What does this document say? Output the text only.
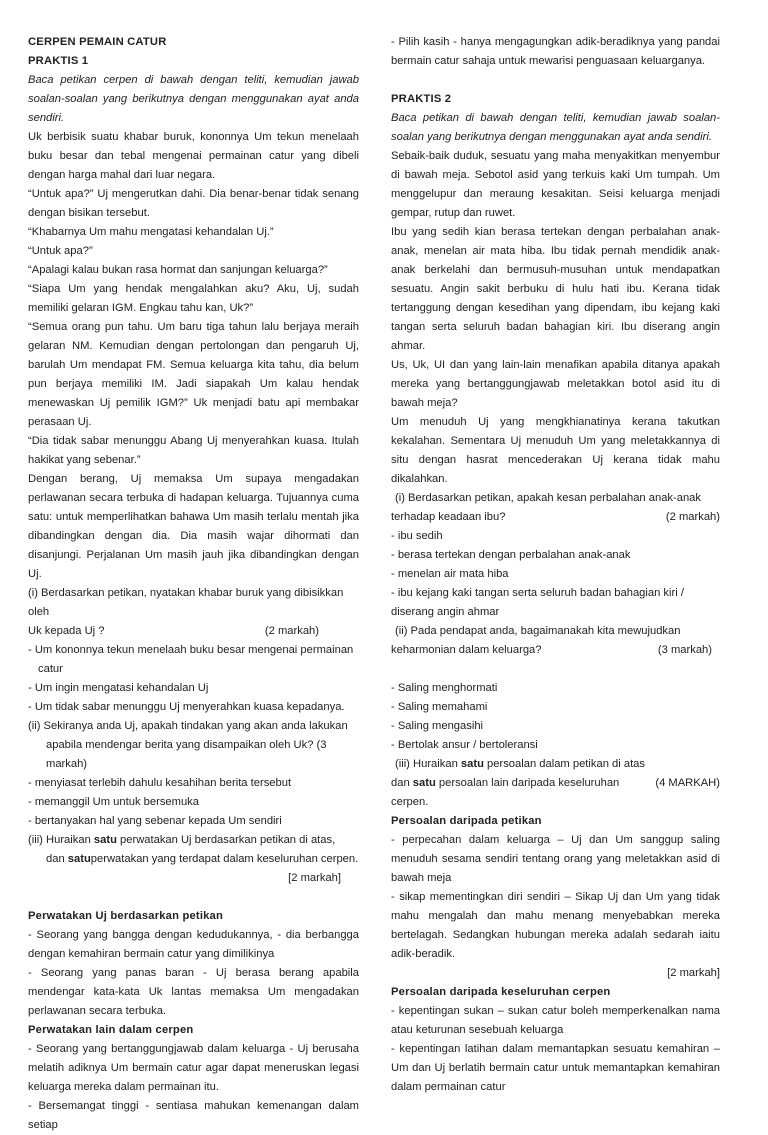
CERPEN PEMAIN CATUR
PRAKTIS 1
Baca petikan cerpen di bawah dengan teliti, kemudian jawab soalan-soalan yang berikutnya dengan menggunakan ayat anda sendiri.
Uk berbisik suatu khabar buruk, kononnya Um tekun menelaah buku besar dan tebal mengenai permainan catur yang dibeli dengan harga mahal dari luar negara.
“Untuk apa?” Uj mengerutkan dahi. Dia benar-benar tidak senang dengan bisikan tersebut.
“Khabarnya Um mahu mengatasi kehandalan Uj.”
“Untuk apa?”
“Apalagi kalau bukan rasa hormat dan sanjungan keluarga?”
“Siapa Um yang hendak mengalahkan aku? Aku, Uj, sudah memiliki gelaran IGM. Engkau tahu kan, Uk?”
“Semua orang pun tahu. Um baru tiga tahun lalu berjaya meraih gelaran NM. Kemudian dengan pertolongan dan pengaruh Uj, barulah Um mendapat FM. Semua keluarga kita tahu, dia belum pun berjaya memiliki IM. Jadi siapakah Um kalau hendak menewaskan Uj pemilik IGM?” Uk menjadi batu api membakar perasaan Uj.
“Dia tidak sabar menunggu Abang Uj menyerahkan kuasa. Itulah hakikat yang sebenar.”
Dengan berang, Uj memaksa Um supaya mengadakan perlawanan secara terbuka di hadapan keluarga. Tujuannya cuma satu: untuk memperlihatkan bahawa Um masih terlalu mentah jika dibandingkan dengan dia. Dia masih wajar dihormati dan disanjungi. Perjalanan Um masih jauh jika dibandingkan dengan Uj.
(i) Berdasarkan petikan, nyatakan khabar buruk yang dibisikkan oleh
Uk kepada Uj ?	(2 markah)
- Um kononnya tekun menelaah buku besar mengenai permainan
catur
- Um ingin mengatasi kehandalan Uj
- Um tidak sabar menunggu Uj menyerahkan kuasa kepadanya.
(ii) Sekiranya anda Uj, apakah tindakan yang akan anda lakukan
apabila mendengar berita yang disampaikan oleh Uk? (3 markah)
- menyiasat terlebih dahulu kesahihan berita tersebut
- memanggil Um untuk bersemuka
- bertanyakan hal yang sebenar kepada Um sendiri
(iii) Huraikan satu perwatakan Uj berdasarkan petikan di atas,
dan satuperwatakan yang terdapat dalam keseluruhan cerpen.
[2 markah]
Perwatakan Uj berdasarkan petikan
- Seorang yang bangga dengan kedudukannya, - dia berbangga dengan kemahiran bermain catur yang dimilikinya
- Seorang yang panas baran - Uj berasa berang apabila mendengar kata-kata Uk lantas memaksa Um mengadakan perlawanan secara terbuka.
Perwatakan lain dalam cerpen
- Seorang yang bertanggungjawab dalam keluarga - Uj berusaha melatih adiknya Um bermain catur agar dapat meneruskan legasi keluarga mereka dalam permainan itu.
- Bersemangat tinggi - sentiasa mahukan kemenangan dalam setiap
- Pilih kasih - hanya mengagungkan adik-beradiknya yang pandai bermain catur sahaja untuk mewarisi penguasaan keluarganya.
PRAKTIS 2
Baca petikan di bawah dengan teliti, kemudian jawab soalan-soalan yang berikutnya dengan menggunakan ayat anda sendiri.
Sebaik-baik duduk, sesuatu yang maha menyakitkan menyembur di bawah meja. Sebotol asid yang terkuis kaki Um tumpah. Um menggelupur dan meraung kesakitan. Seisi keluarga menjadi gempar, rutup dan ruwet.
Ibu yang sedih kian berasa tertekan dengan perbalahan anak-anak, menelan air mata hiba. Ibu tidak pernah mendidik anak-anak berkelahi dan bermusuh-musuhan untuk mendapatkan sesuatu. Angin sakit berbuku di hulu hati ibu. Kerana tidak tertanggung dengan kesedihan yang dipendam, ibu kejang kaki tangan serta seluruh badan bahagian kiri. Ibu diserang angin ahmar.
Us, Uk, UI dan yang lain-lain menafikan apabila ditanya apakah mereka yang bertanggungjawab meletakkan botol asid itu di bawah meja?
Um menuduh Uj yang mengkhianatinya kerana takutkan kekalahan. Sementara Uj menuduh Um yang meletakkannya di situ dengan hasrat mencederakan Uj kerana tidak mahu dikalahkan.
(i) Berdasarkan petikan, apakah kesan perbalahan anak-anak
terhadap keadaan ibu?	(2 markah)
- ibu sedih
- berasa tertekan dengan perbalahan anak-anak
- menelan air mata hiba
- ibu kejang kaki tangan serta seluruh badan bahagian kiri / diserang angin ahmar
(ii) Pada pendapat anda, bagaimanakah kita mewujudkan
keharmonian dalam keluarga?	(3 markah)
- Saling menghormati
- Saling memahami
- Saling mengasihi
- Bertolak ansur / bertoleransi
(iii) Huraikan satu persoalan dalam petikan di atas
dan satu persoalan lain daripada keseluruhan cerpen.
(4 MARKAH)
Persoalan daripada petikan
- perpecahan dalam keluarga – Uj dan Um sanggup saling menuduh sesama sendiri tentang orang yang meletakkan asid di bawah meja
- sikap mementingkan diri sendiri – Sikap Uj dan Um yang tidak mahu mengalah dan mahu menang menyebabkan mereka bertelagah. Sedangkan hubungan mereka adalah sedarah iaitu adik-beradik.
[2 markah]
Persoalan daripada keseluruhan cerpen
- kepentingan sukan – sukan catur boleh memperkenalkan nama atau keturunan sesebuah keluarga
- kepentingan latihan dalam memantapkan sesuatu kemahiran – Um dan Uj berlatih bermain catur untuk memantapkan kemahiran dalam permainan catur
